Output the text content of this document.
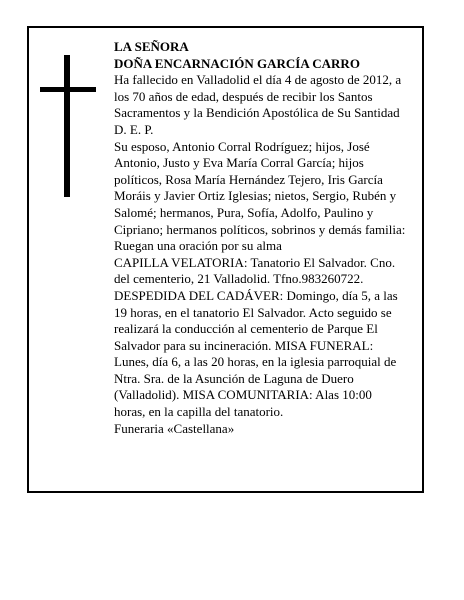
LA SEÑORA

DOÑA ENCARNACIÓN GARCÍA CARRO

Ha fallecido en Valladolid el día 4 de agosto de 2012, a

los 70 años de edad, después de recibir los Santos

Sacramentos y la Bendición Apostólica de Su Santidad

D. E. P.

Su esposo, Antonio Corral Rodríguez; hijos, José

Antonio, Justo y Eva María Corral García; hijos

políticos, Rosa María Hernández Tejero, Iris García

Moráis y Javier Ortiz Iglesias; nietos, Sergio, Rubén y

Salomé; hermanos, Pura, Sofía, Adolfo, Paulino y

Cipriano; hermanos políticos, sobrinos y demás familia:

Ruegan una oración por su alma

CAPILLA VELATORIA: Tanatorio El Salvador. Cno.

del cementerio, 21 Valladolid. Tfno.983260722.

DESPEDIDA DEL CADÁVER: Domingo, día 5, a las

19 horas, en el tanatorio El Salvador. Acto seguido se

realizará la conducción al cementerio de Parque El

Salvador para su incineración. MISA FUNERAL:

Lunes, día 6, a las 20 horas, en la iglesia parroquial de

Ntra. Sra. de la Asunción de Laguna de Duero

(Valladolid). MISA COMUNITARIA: Alas 10:00

horas, en la capilla del tanatorio.

Funeraria «Castellana»
